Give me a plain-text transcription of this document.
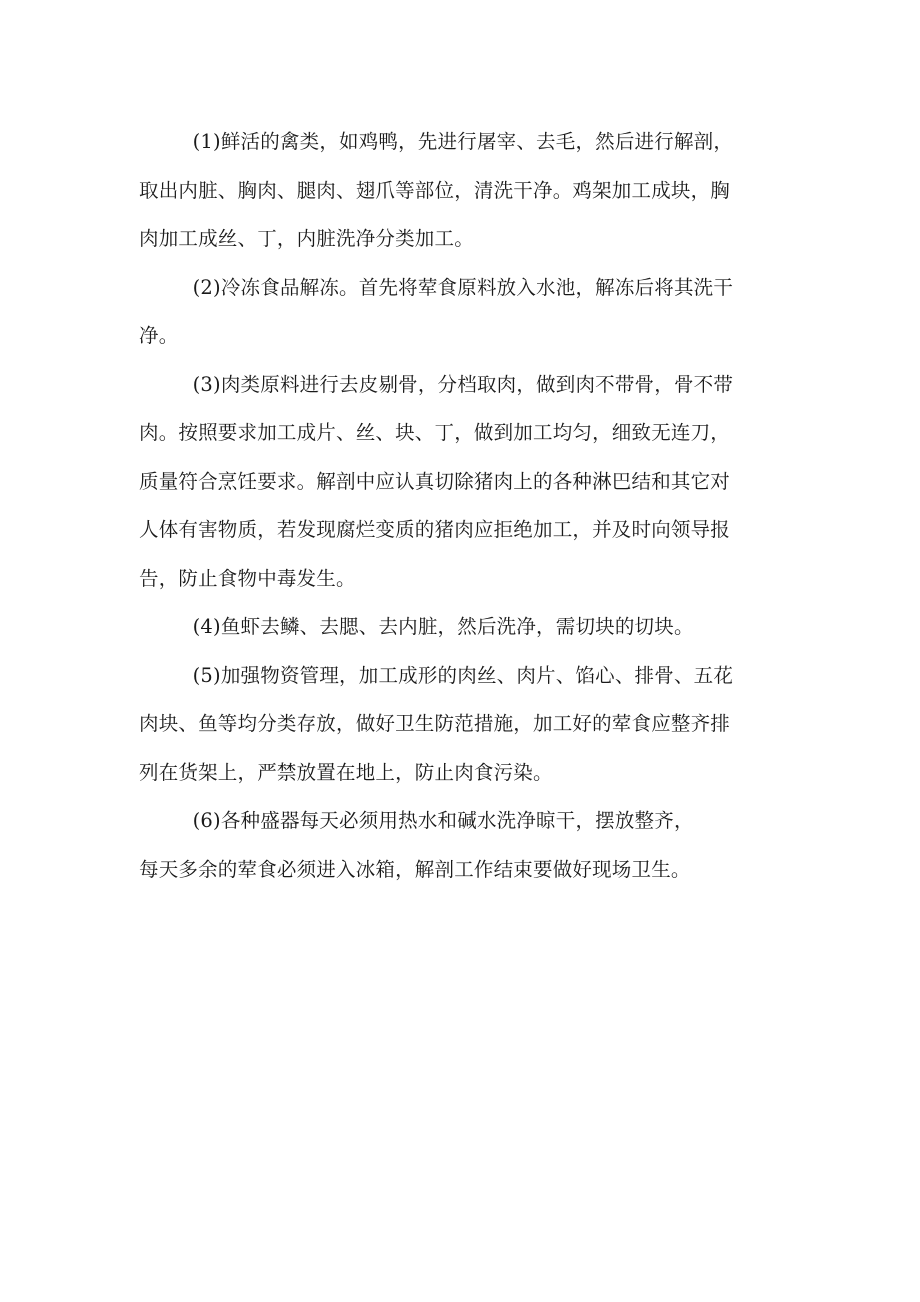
(1)鲜活的禽类，如鸡鸭，先进行屠宰、去毛，然后进行解剖，
取出内脏、胸肉、腿肉、翅爪等部位，清洗干净。鸡架加工成块，胸
肉加工成丝、丁，内脏洗净分类加工。
(2)冷冻食品解冻。首先将荤食原料放入水池，解冻后将其洗干
净。
(3)肉类原料进行去皮剔骨，分档取肉，做到肉不带骨，骨不带
肉。按照要求加工成片、丝、块、丁，做到加工均匀，细致无连刀，
质量符合烹饪要求。解剖中应认真切除猪肉上的各种淋巴结和其它对
人体有害物质，若发现腐烂变质的猪肉应拒绝加工，并及时向领导报
告，防止食物中毒发生。
(4)鱼虾去鳞、去腮、去内脏，然后洗净，需切块的切块。
(5)加强物资管理，加工成形的肉丝、肉片、馅心、排骨、五花
肉块、鱼等均分类存放，做好卫生防范措施，加工好的荤食应整齐排
列在货架上，严禁放置在地上，防止肉食污染。
(6)各种盛器每天必须用热水和碱水洗净晾干，摆放整齐，
每天多余的荤食必须进入冰箱，解剖工作结束要做好现场卫生。
